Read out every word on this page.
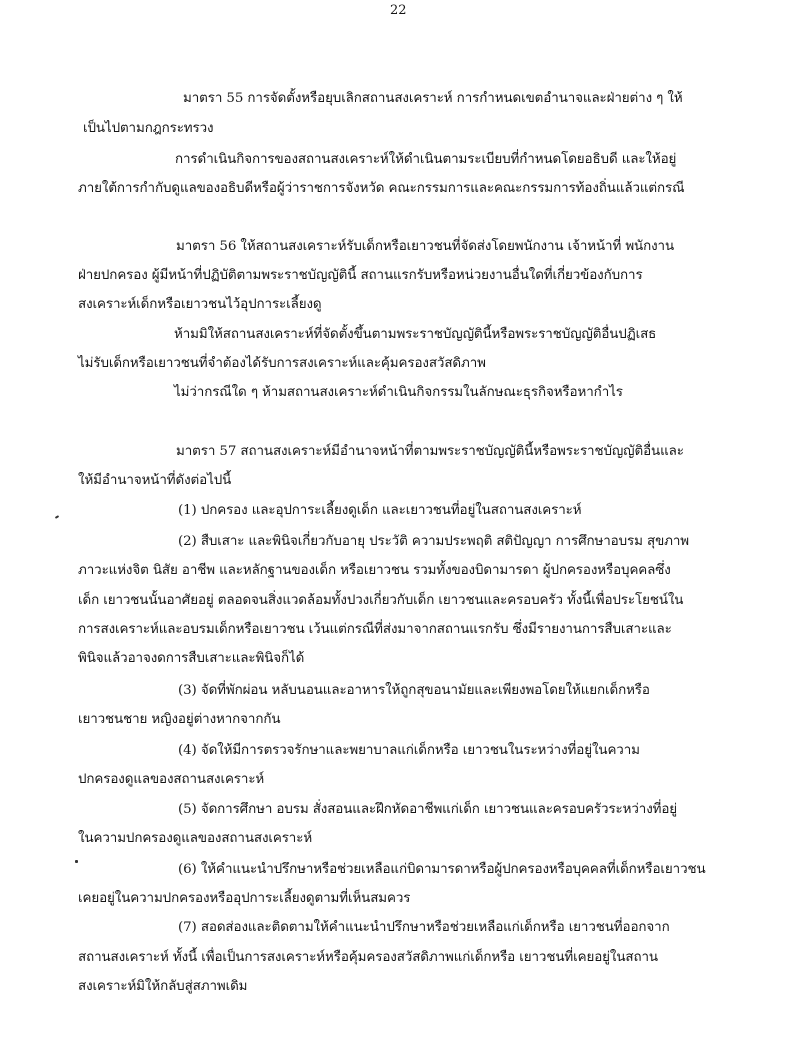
22
มาตรา 55 การจัดตั้งหรือยุบเลิกสถานสงเคราะห์ การกำหนดเขตอำนาจและฝ่ายต่าง ๆ ให้
เป็นไปตามกฎกระทรวง
การดำเนินกิจการของสถานสงเคราะห์ให้ดำเนินตามระเบียบที่กำหนดโดยอธิบดี และให้อยู่
ภายใต้การกำกับดูแลของอธิบดีหรือผู้ว่าราชการจังหวัด คณะกรรมการและคณะกรรมการท้องถิ่นแล้วแต่กรณี
มาตรา 56 ให้สถานสงเคราะห์รับเด็กหรือเยาวชนที่จัดส่งโดยพนักงาน เจ้าหน้าที่ พนักงาน
ฝ่ายปกครอง ผู้มีหน้าที่ปฏิบัติตามพระราชบัญญัตินี้ สถานแรกรับหรือหน่วยงานอื่นใดที่เกี่ยวข้องกับการ
สงเคราะห์เด็กหรือเยาวชนไว้อุปการะเลี้ยงดู
ห้ามมิให้สถานสงเคราะห์ที่จัดตั้งขึ้นตามพระราชบัญญัตินี้หรือพระราชบัญญัติอื่นปฏิเสธ
ไม่รับเด็กหรือเยาวชนที่จำต้องได้รับการสงเคราะห์และคุ้มครองสวัสดิภาพ
ไม่ว่ากรณีใด ๆ ห้ามสถานสงเคราะห์ดำเนินกิจกรรมในลักษณะธุรกิจหรือหากำไร
มาตรา 57 สถานสงเคราะห์มีอำนาจหน้าที่ตามพระราชบัญญัตินี้หรือพระราชบัญญัติอื่นและ
ให้มีอำนาจหน้าที่ดังต่อไปนี้
(1) ปกครอง และอุปการะเลี้ยงดูเด็ก และเยาวชนที่อยู่ในสถานสงเคราะห์
(2) สืบเสาะ และพินิจเกี่ยวกับอายุ ประวัติ ความประพฤติ สติปัญญา การศึกษาอบรม สุขภาพ
ภาวะแห่งจิต นิสัย อาชีพ และหลักฐานของเด็ก หรือเยาวชน รวมทั้งของบิดามารดา ผู้ปกครองหรือบุคคลซึ่ง
เด็ก เยาวชนนั้นอาศัยอยู่ ตลอดจนสิ่งแวดล้อมทั้งปวงเกี่ยวกับเด็ก เยาวชนและครอบครัว ทั้งนี้เพื่อประโยชน์ใน
การสงเคราะห์และอบรมเด็กหรือเยาวชน เว้นแต่กรณีที่ส่งมาจากสถานแรกรับ ซึ่งมีรายงานการสืบเสาะและ
พินิจแล้วอาจงดการสืบเสาะและพินิจก็ได้
(3) จัดที่พักผ่อน หลับนอนและอาหารให้ถูกสุขอนามัยและเพียงพอโดยให้แยกเด็กหรือ
เยาวชนชาย หญิงอยู่ต่างหากจากกัน
(4) จัดให้มีการตรวจรักษาและพยาบาลแก่เด็กหรือ เยาวชนในระหว่างที่อยู่ในความ
ปกครองดูแลของสถานสงเคราะห์
(5) จัดการศึกษา อบรม สั่งสอนและฝึกหัดอาชีพแก่เด็ก เยาวชนและครอบครัวระหว่างที่อยู่
ในความปกครองดูแลของสถานสงเคราะห์
(6) ให้คำแนะนำปรึกษาหรือช่วยเหลือแก่บิดามารดาหรือผู้ปกครองหรือบุคคลที่เด็กหรือเยาวชน
เคยอยู่ในความปกครองหรืออุปการะเลี้ยงดูตามที่เห็นสมควร
(7) สอดส่องและติดตามให้คำแนะนำปรึกษาหรือช่วยเหลือแก่เด็กหรือ เยาวชนที่ออกจาก
สถานสงเคราะห์ ทั้งนี้ เพื่อเป็นการสงเคราะห์หรือคุ้มครองสวัสดิภาพแก่เด็กหรือ เยาวชนที่เคยอยู่ในสถาน
สงเคราะห์มิให้กลับสู่สภาพเดิม
